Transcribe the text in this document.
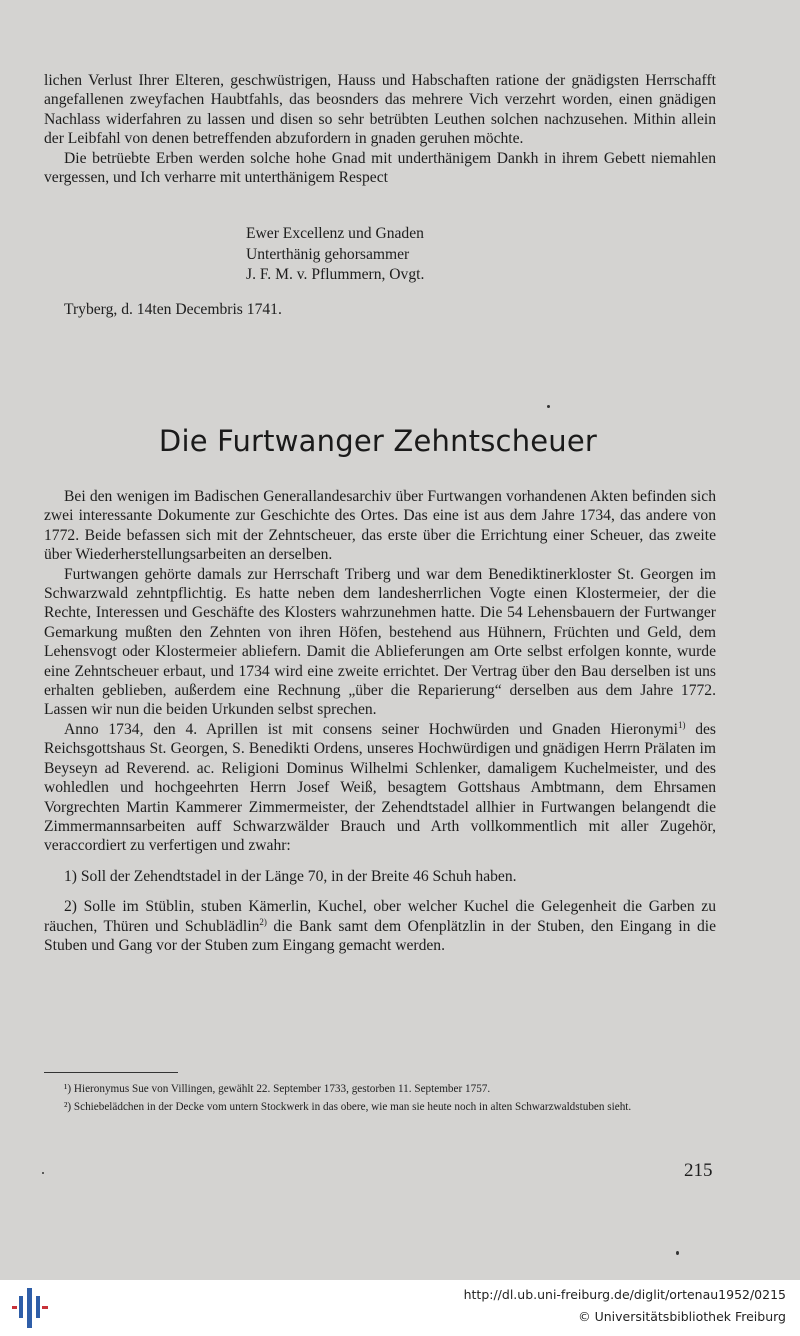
lichen Verlust Ihrer Elteren, geschwüstrigen, Hauss und Habschaften ratione der gnädigsten Herrschafft angefallenen zweyfachen Haubtfahls, das beosnders das mehrere Vich verzehrt worden, einen gnädigen Nachlass widerfahren zu lassen und disen so sehr betrübten Leuthen solchen nachzusehen. Mithin allein der Leibfahl von denen betreffenden abzufordern in gnaden geruhen möchte.

Die betrüebte Erben werden solche hohe Gnad mit underthänigem Dankh in ihrem Gebett niemahlen vergessen, und Ich verharre mit unterthänigem Respect

Ewer Excellenz und Gnaden
Unterthänig gehorsammer
J. F. M. v. Pflummern, Ovgt.
Tryberg, d. 14ten Decembris 1741.
Die Furtwanger Zehntscheuer

Bei den wenigen im Badischen Generallandesarchiv über Furtwangen vorhandenen Akten befinden sich zwei interessante Dokumente zur Geschichte des Ortes. Das eine ist aus dem Jahre 1734, das andere von 1772. Beide befassen sich mit der Zehntscheuer, das erste über die Errichtung einer Scheuer, das zweite über Wiederherstellungsarbeiten an derselben.

Furtwangen gehörte damals zur Herrschaft Triberg und war dem Benediktinerkloster St. Georgen im Schwarzwald zehntpflichtig. Es hatte neben dem landesherrlichen Vogte einen Klostermeier, der die Rechte, Interessen und Geschäfte des Klosters wahrzunehmen hatte. Die 54 Lehensbauern der Furtwanger Gemarkung mußten den Zehnten von ihren Höfen, bestehend aus Hühnern, Früchten und Geld, dem Lehensvogt oder Klostermeier abliefern. Damit die Ablieferungen am Orte selbst erfolgen konnte, wurde eine Zehntscheuer erbaut, und 1734 wird eine zweite errichtet. Der Vertrag über den Bau derselben ist uns erhalten geblieben, außerdem eine Rechnung „über die Reparierung“ derselben aus dem Jahre 1772. Lassen wir nun die beiden Urkunden selbst sprechen.

Anno 1734, den 4. Aprillen ist mit consens seiner Hochwürden und Gnaden Hieronymi$^{1)}$ des Reichsgottshaus St. Georgen, S. Benedikti Ordens, unseres Hochwürdigen und gnädigen Herrn Prälaten im Beyseyn ad Reverend. ac. Religioni Dominus Wilhelmi Schlenker, damaligem Kuchelmeister, und des wohledlen und hochgeehrten Herrn Josef Weiß, besagtem Gottshaus Ambtmann, dem Ehrsamen Vorgrechten Martin Kammerer Zimmermeister, der Zehendtstadel allhier in Furtwangen belangendt die Zimmermannsarbeiten auff Schwarzwälder Brauch und Arth vollkommentlich mit aller Zugehör, veraccordiert zu verfertigen und zwahr:

1) Soll der Zehendtstadel in der Länge 70, in der Breite 46 Schuh haben.

2) Solle im Stüblin, stuben Kämerlin, Kuchel, ober welcher Kuchel die Gelegenheit die Garben zu räuchen, Thüren und Schublädlin$^{2)}$ die Bank samt dem Ofenplätzlin in der Stuben, den Eingang in die Stuben und Gang vor der Stuben zum Eingang gemacht werden.

¹) Hieronymus Sue von Villingen, gewählt 22. September 1733, gestorben 11. September 1757.

²) Schiebelädchen in der Decke vom untern Stockwerk in das obere, wie man sie heute noch in alten Schwarzwaldstuben sieht.

215
http://dl.ub.uni-freiburg.de/diglit/ortenau1952/0215
© Universitätsbibliothek Freiburg
